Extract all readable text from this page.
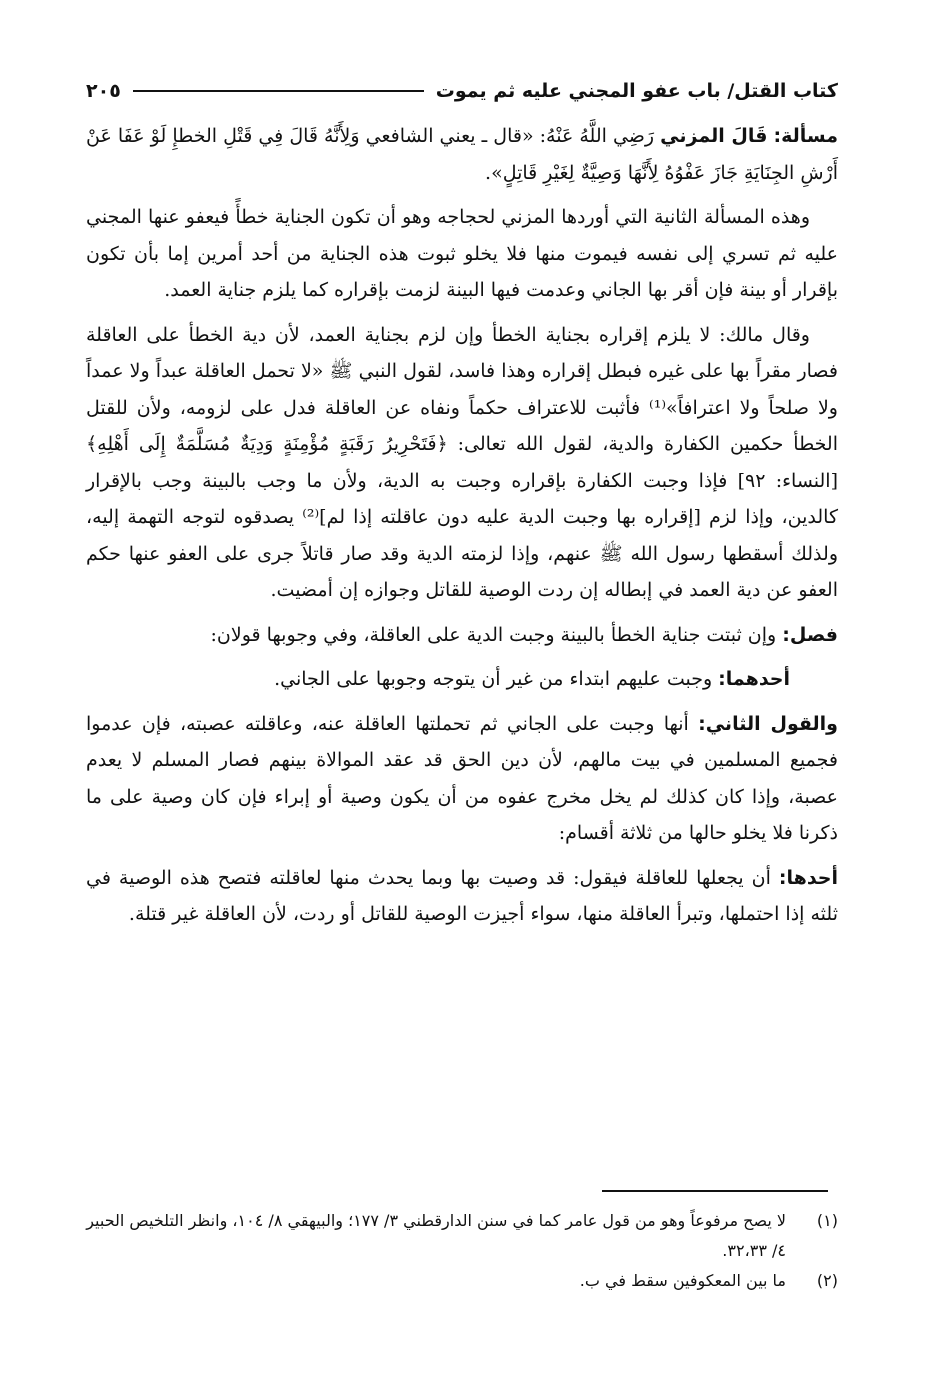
كتاب القتل/ باب عفو المجني عليه ثم يموت
٢٠٥

مسألة: قَالَ المزني رَضِي اللَّهُ عَنْهُ: «قال ـ يعني الشافعي وَلِأَنَّهُ قَالَ فِي قَتْلِ الخطإِ لَوْ عَفَا عَنْ أَرْشِ الجِنَايَةِ جَازَ عَفْوُهُ لِأَنَّهَا وَصِيَّةٌ لِغَيْرِ قَاتِلٍ».

وهذه المسألة الثانية التي أوردها المزني لحجاجه وهو أن تكون الجناية خطأً فيعفو عنها المجني عليه ثم تسري إلى نفسه فيموت منها فلا يخلو ثبوت هذه الجناية من أحد أمرين إما بأن تكون بإقرار أو بينة فإن أقر بها الجاني وعدمت فيها البينة لزمت بإقراره كما يلزم جناية العمد.

وقال مالك: لا يلزم إقراره بجناية الخطأ وإن لزم بجناية العمد، لأن دية الخطأ على العاقلة فصار مقراً بها على غيره فبطل إقراره وهذا فاسد، لقول النبي ﷺ «لا تحمل العاقلة عبداً ولا عمداً ولا صلحاً ولا اعترافاً»⁽¹⁾ فأثبت للاعتراف حكماً ونفاه عن العاقلة فدل على لزومه، ولأن للقتل الخطأ حكمين الكفارة والدية، لقول الله تعالى: ﴿فَتَحْرِيرُ رَقَبَةٍ مُؤْمِنَةٍ وَدِيَةٌ مُسَلَّمَةٌ إِلَى أَهْلِهِ﴾ [النساء: ٩٢] فإذا وجبت الكفارة بإقراره وجبت به الدية، ولأن ما وجب بالبينة وجب بالإقرار كالدين، وإذا لزم [إقراره بها وجبت الدية عليه دون عاقلته إذا لم]⁽²⁾ يصدقوه لتوجه التهمة إليه، ولذلك أسقطها رسول الله ﷺ عنهم، وإذا لزمته الدية وقد صار قاتلاً جرى على العفو عنها حكم العفو عن دية العمد في إبطاله إن ردت الوصية للقاتل وجوازه إن أمضيت.

فصل: وإن ثبتت جناية الخطأ بالبينة وجبت الدية على العاقلة، وفي وجوبها قولان:

أحدهما: وجبت عليهم ابتداء من غير أن يتوجه وجوبها على الجاني.

والقول الثاني: أنها وجبت على الجاني ثم تحملتها العاقلة عنه، وعاقلته عصبته، فإن عدموا فجميع المسلمين في بيت مالهم، لأن دين الحق قد عقد الموالاة بينهم فصار المسلم لا يعدم عصبة، وإذا كان كذلك لم يخل مخرج عفوه من أن يكون وصية أو إبراء فإن كان وصية على ما ذكرنا فلا يخلو حالها من ثلاثة أقسام:

أحدها: أن يجعلها للعاقلة فيقول: قد وصيت بها وبما يحدث منها لعاقلته فتصح هذه الوصية في ثلثه إذا احتملها، وتبرأ العاقلة منها، سواء أجيزت الوصية للقاتل أو ردت، لأن العاقلة غير قتلة.

(١)
لا يصح مرفوعاً وهو من قول عامر كما في سنن الدارقطني ٣/ ١٧٧؛ والبيهقي ٨/ ١٠٤، وانظر التلخيص الحبير ٤/ ٣٢،٣٣.

(٢)
ما بين المعكوفين سقط في ب.
